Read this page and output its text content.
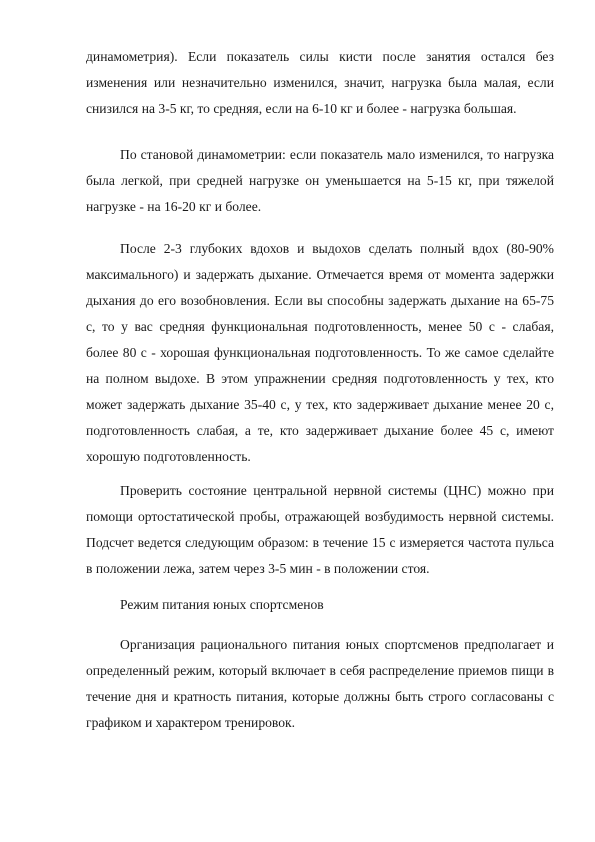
динамометрия). Если показатель силы кисти после занятия остался без изменения или незначительно изменился, значит, нагрузка была малая, если снизился на 3-5 кг, то средняя, если на 6-10 кг и более - нагрузка большая.

По становой динамометрии: если показатель мало изменился, то нагрузка была легкой, при средней нагрузке он уменьшается на 5-15 кг, при тяжелой нагрузке - на 16-20 кг и более.

После 2-3 глубоких вдохов и выдохов сделать полный вдох (80-90% максимального) и задержать дыхание. Отмечается время от момента задержки дыхания до его возобновления. Если вы способны задержать дыхание на 65-75 с, то у вас средняя функциональная подготовленность, менее 50 с - слабая, более 80 с - хорошая функциональная подготовленность. То же самое сделайте на полном выдохе. В этом упражнении средняя подготовленность у тех, кто может задержать дыхание 35-40 с, у тех, кто задерживает дыхание менее 20 с, подготовленность слабая, а те, кто задерживает дыхание более 45 с, имеют хорошую подготовленность.

Проверить состояние центральной нервной системы (ЦНС) можно при помощи ортостатической пробы, отражающей возбудимость нервной системы. Подсчет ведется следующим образом: в течение 15 с измеряется частота пульса в положении лежа, затем через 3-5 мин - в положении стоя.

Режим питания юных спортсменов

Организация рационального питания юных спортсменов предполагает и определенный режим, который включает в себя распределение приемов пищи в течение дня и кратность питания, которые должны быть строго согласованы с графиком и характером тренировок.
